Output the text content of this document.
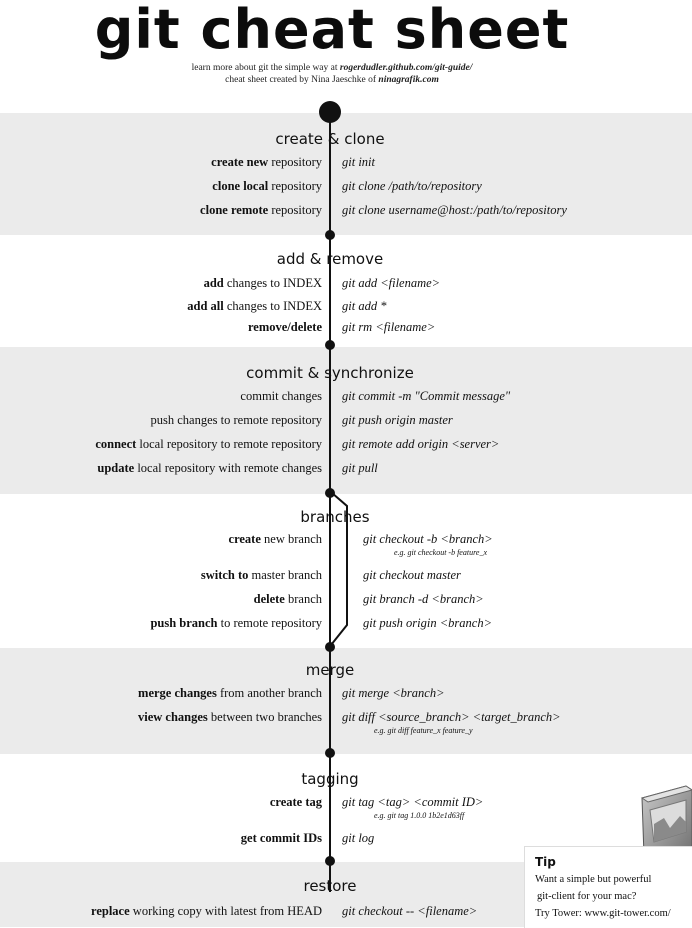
git cheat sheet
learn more about git the simple way at rogerdudler.github.com/git-guide/
cheat sheet created by Nina Jaeschke of ninagrafik.com
create & clone
create new repository git init
clone local repository git clone /path/to/repository
clone remote repository git clone username@host:/path/to/repository
add & remove
add changes to INDEX git add <filename>
add all changes to INDEX git add *
remove/delete git rm <filename>
commit & synchronize
commit changes git commit -m "Commit message"
push changes to remote repository git push origin master
connect local repository to remote repository git remote add origin <server>
update local repository with remote changes git pull
branches
create new branch	git checkout -b <branch>
e.g. git checkout -b feature_x
switch to master branch	git checkout master
delete branch	git branch -d <branch>
push branch to remote repository	git push origin <branch>
merge
merge changes from another branch git merge <branch>
view changes between two branches git diff <source_branch> <target_branch>
e.g. git diff feature_x feature_y
tagging
create tag git tag <tag> <commit ID>
e.g. git tag 1.0.0 1b2e1d63ff
get commit IDs git log
restore
replace working copy with latest from HEAD git checkout -- <filename>
Tip
Want a simple but powerful
git-client for your mac?
Try Tower: www.git-tower.com/
